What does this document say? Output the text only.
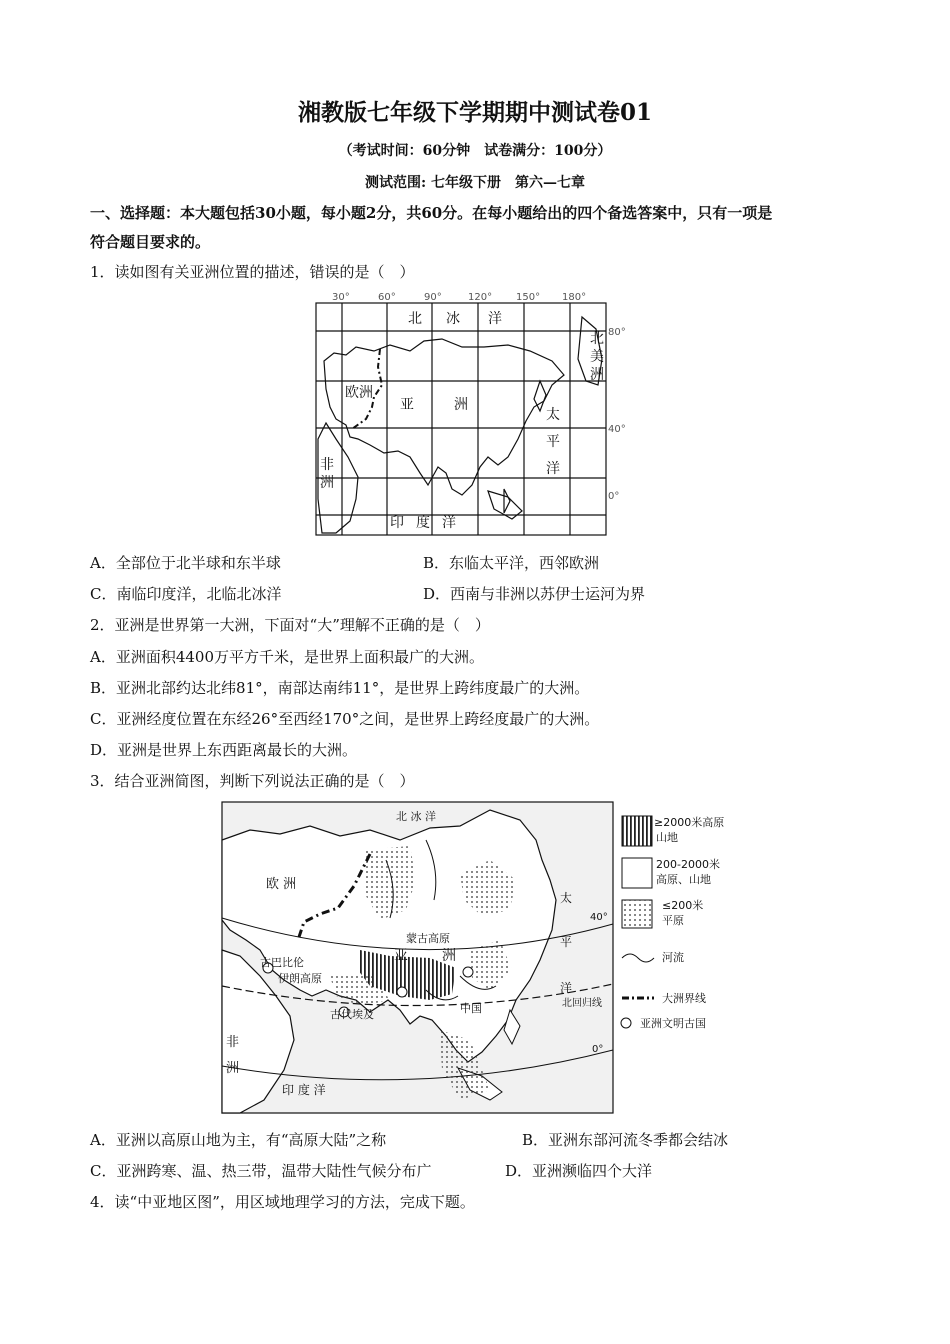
湘教版七年级下学期期中测试卷01
（考试时间：60分钟　试卷满分：100分）
测试范围: 七年级下册　第六—七章
一、选择题：本大题包括30小题，每小题2分，共60分。在每小题给出的四个备选答案中，只有一项是
符合题目要求的。
1．读如图有关亚洲位置的描述，错误的是（　）
30°	60°	90°	120° 150° 180°
80°
40°
0°
北 冰 洋
欧洲
亚	洲
非
洲
北
美
洲
太
平
洋
印 度 洋
A．全部位于北半球和东半球	B．东临太平洋，西邻欧洲
C．南临印度洋，北临北冰洋	D．西南与非洲以苏伊士运河为界
2．亚洲是世界第一大洲，下面对“大”理解不正确的是（　）
A．亚洲面积4400万平方千米，是世界上面积最广的大洲。
B．亚洲北部约达北纬81°，南部达南纬11°，是世界上跨纬度最广的大洲。
C．亚洲经度位置在东经26°至西经170°之间，是世界上跨经度最广的大洲。
D．亚洲是世界上东西距离最长的大洲。
3．结合亚洲简图，判断下列说法正确的是（　）
北 冰 洋
欧 洲
蒙古高原
亚 洲
古巴比伦
伊朗高原
古代埃及	中国
非
洲
太
平
洋
印 度 洋
北回归线
40°
0°
≥2000米高原
山地
200-2000米
高原、山地
≤200米
平原
河流
大洲界线
亚洲文明古国
A．亚洲以高原山地为主，有“高原大陆”之称	B．亚洲东部河流冬季都会结冰
C．亚洲跨寒、温、热三带，温带大陆性气候分布广	D．亚洲濒临四个大洋
4．读“中亚地区图”，用区域地理学习的方法，完成下题。
